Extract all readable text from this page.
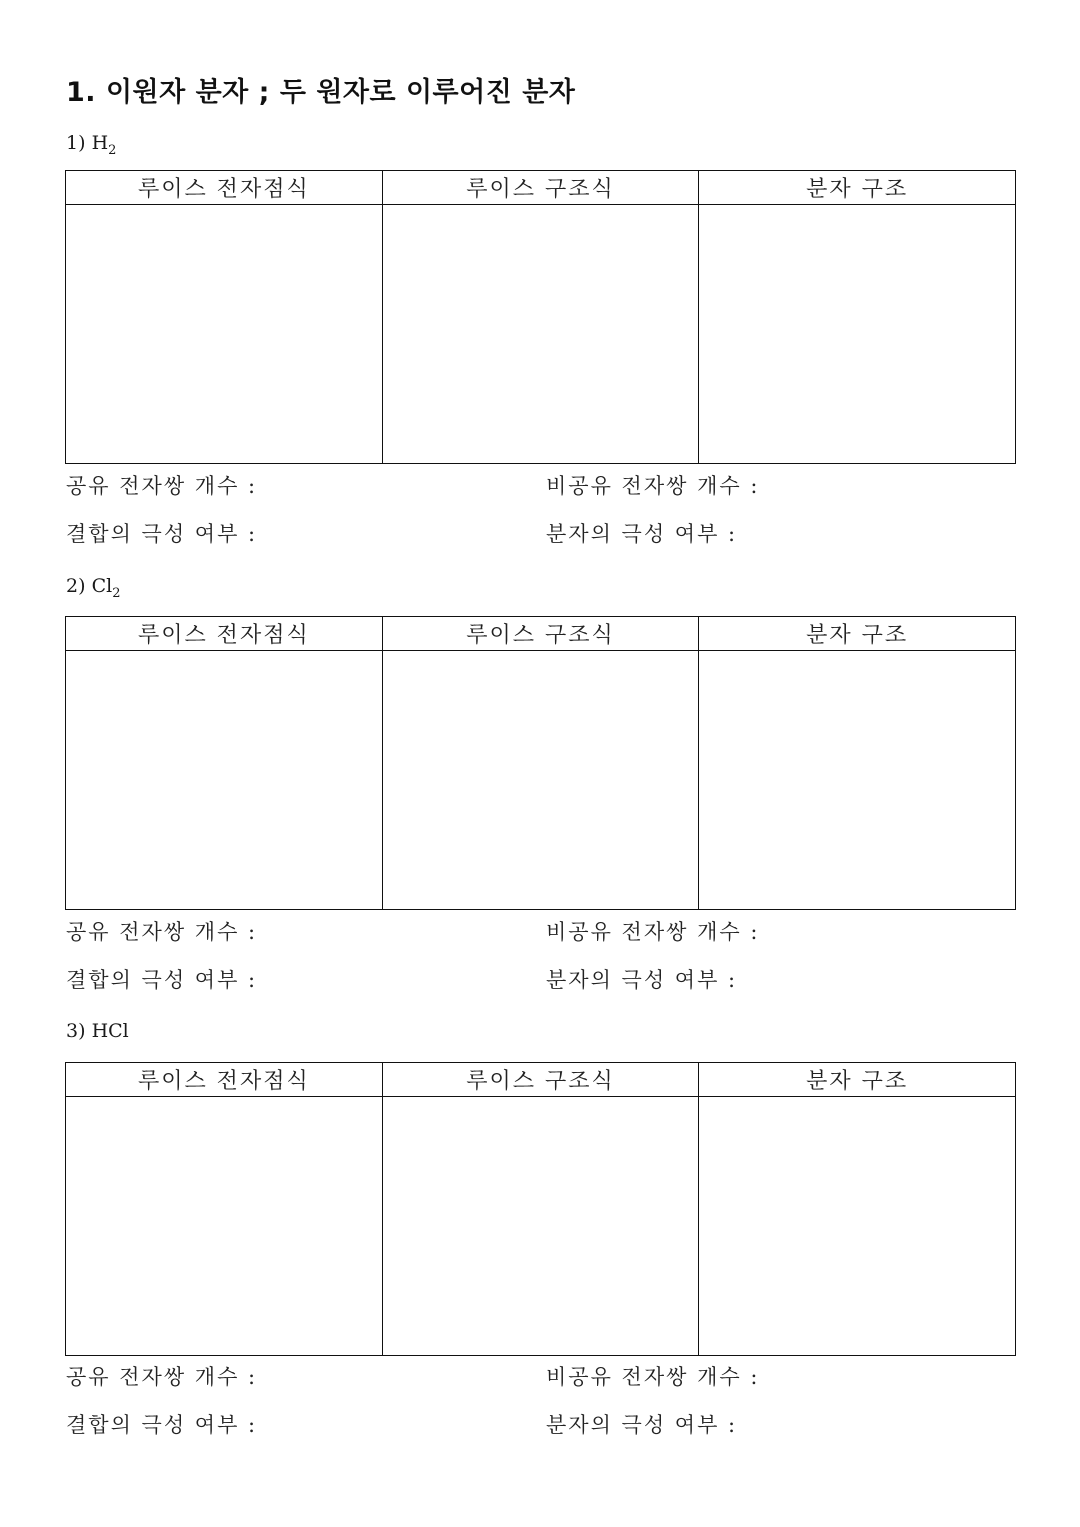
1. 이원자 분자 ; 두 원자로 이루어진 분자
1) $H_2$
루이스 전자점식	루이스 구조식	분자 구조

공유 전자쌍 개수 :	비공유 전자쌍 개수 :
결합의 극성 여부 :	분자의 극성 여부 :
2) $Cl_2$
루이스 전자점식	루이스 구조식	분자 구조

공유 전자쌍 개수 :	비공유 전자쌍 개수 :
결합의 극성 여부 :	분자의 극성 여부 :
3) HCl
루이스 전자점식	루이스 구조식	분자 구조

공유 전자쌍 개수 :	비공유 전자쌍 개수 :
결합의 극성 여부 :	분자의 극성 여부 :
